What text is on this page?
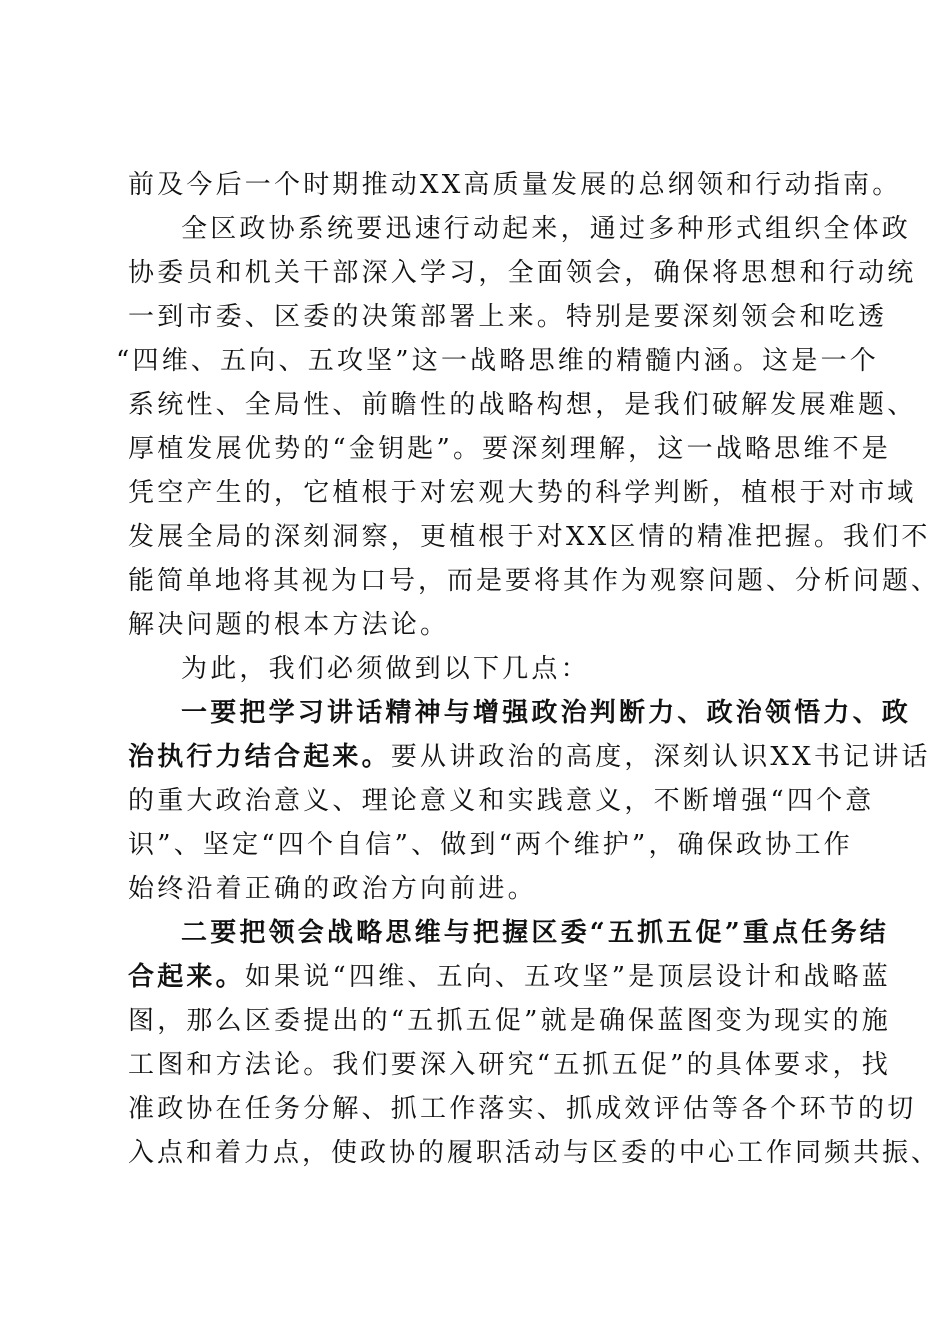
前及今后一个时期推动XX高质量发展的总纲领和行动指南。
全区政协系统要迅速行动起来，通过多种形式组织全体政
协委员和机关干部深入学习，全面领会，确保将思想和行动统
一到市委、区委的决策部署上来。特别是要深刻领会和吃透
“四维、五向、五攻坚”这一战略思维的精髓内涵。这是一个
系统性、全局性、前瞻性的战略构想，是我们破解发展难题、
厚植发展优势的“金钥匙”。要深刻理解，这一战略思维不是
凭空产生的，它植根于对宏观大势的科学判断，植根于对市域
发展全局的深刻洞察，更植根于对XX区情的精准把握。我们不
能简单地将其视为口号，而是要将其作为观察问题、分析问题、
解决问题的根本方法论。
为此，我们必须做到以下几点：
一要把学习讲话精神与增强政治判断力、政治领悟力、政
治执行力结合起来。要从讲政治的高度，深刻认识XX书记讲话
的重大政治意义、理论意义和实践意义，不断增强“四个意
识”、坚定“四个自信”、做到“两个维护”，确保政协工作
始终沿着正确的政治方向前进。
二要把领会战略思维与把握区委“五抓五促”重点任务结
合起来。如果说“四维、五向、五攻坚”是顶层设计和战略蓝
图，那么区委提出的“五抓五促”就是确保蓝图变为现实的施
工图和方法论。我们要深入研究“五抓五促”的具体要求，找
准政协在任务分解、抓工作落实、抓成效评估等各个环节的切
入点和着力点，使政协的履职活动与区委的中心工作同频共振、
